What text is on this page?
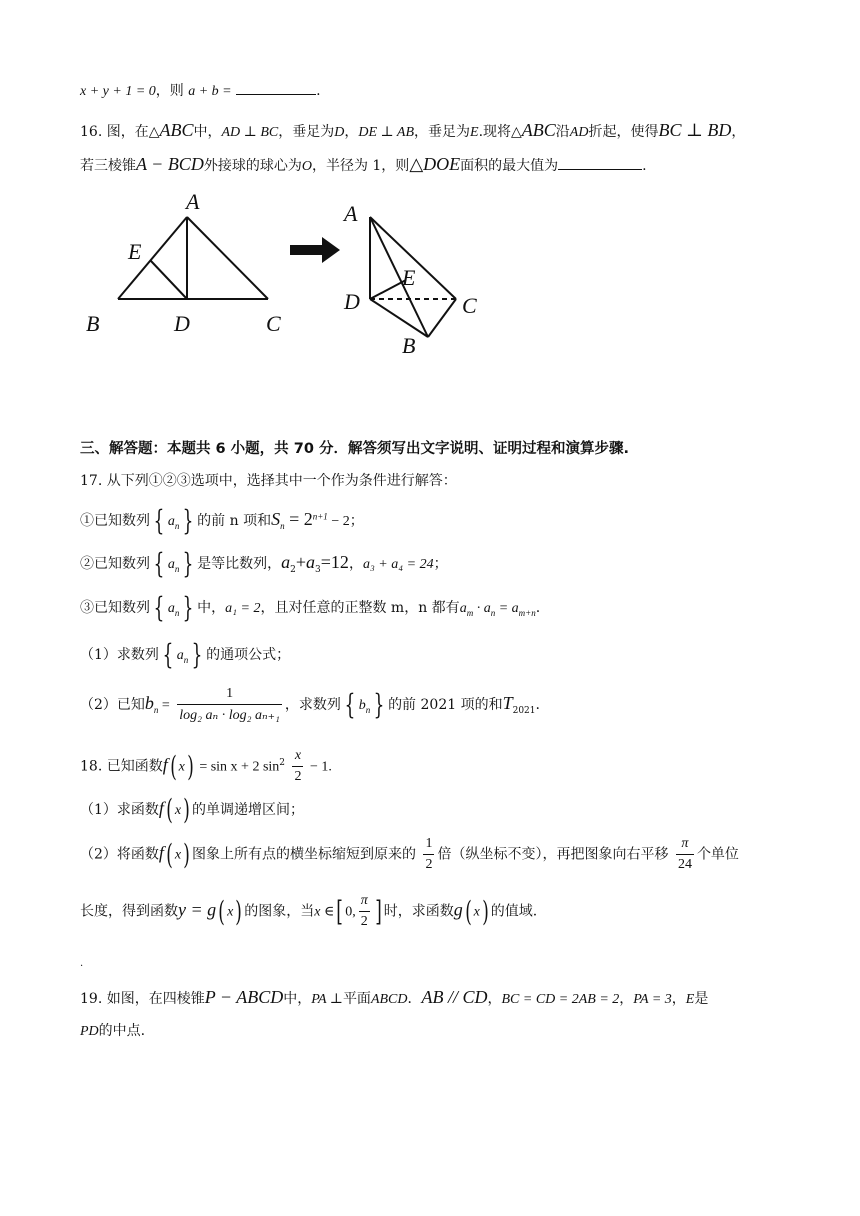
x + y + 1 = 0，则 a + b =	.
16. 图，在△ABC中，AD ⊥ BC，垂足为D，DE ⊥ AB，垂足为E.现将△ABC沿AD折起，使得BC ⊥ BD，
若三棱锥A − BCD外接球的球心为O，半径为 1，则△DOE面积的最大值为	.
A
E
B	D	C
A
E
D	C
B
三、解答题：本题共 6 小题，共 70 分．解答须写出文字说明、证明过程和演算步骤.
17. 从下列①②③选项中，选择其中一个作为条件进行解答：
①已知数列 { $a_n$ } 的前 n 项和$S_n = 2^{n+1} - 2$；
②已知数列 { $a_n$ } 是等比数列，$a_2+a_3=12$，a₃ + a₄ = 24；
③已知数列 { $a_n$ } 中，a₁ = 2，且对任意的正整数 m，n 都有$a_m \cdot a_n = a_{m+n}$.
（1）求数列 { $a_n$ } 的通项公式；
（2）已知$b_n = \frac{1}{\text{log₂ aₙ · log₂ aₙ₊₁}}$ ，求数列 { $b_n$ } 的前 2021 项的和$T_{2021}$.
18. 已知函数f( x) = sin x + 2 $\sin^2 \frac{x}{2} - 1$.
（1）求函数f( x) 的单调递增区间；
（2）将函数f( x) 图象上所有点的横坐标缩短到原来的 $\frac{1}{2}$ 倍（纵坐标不变），再把图象向右平移 $\frac{\pi}{24}$ 个单位
长度，得到函数y = g( x) 的图象，当x ∈[ 0, $\frac{\pi}{2}$ ] 时，求函数g( x) 的值域.
.
19. 如图，在四棱锥P − ABCD中，PA ⊥平面ABCD．AB // CD，BC = CD = 2AB = 2，PA = 3，E是
PD的中点.
